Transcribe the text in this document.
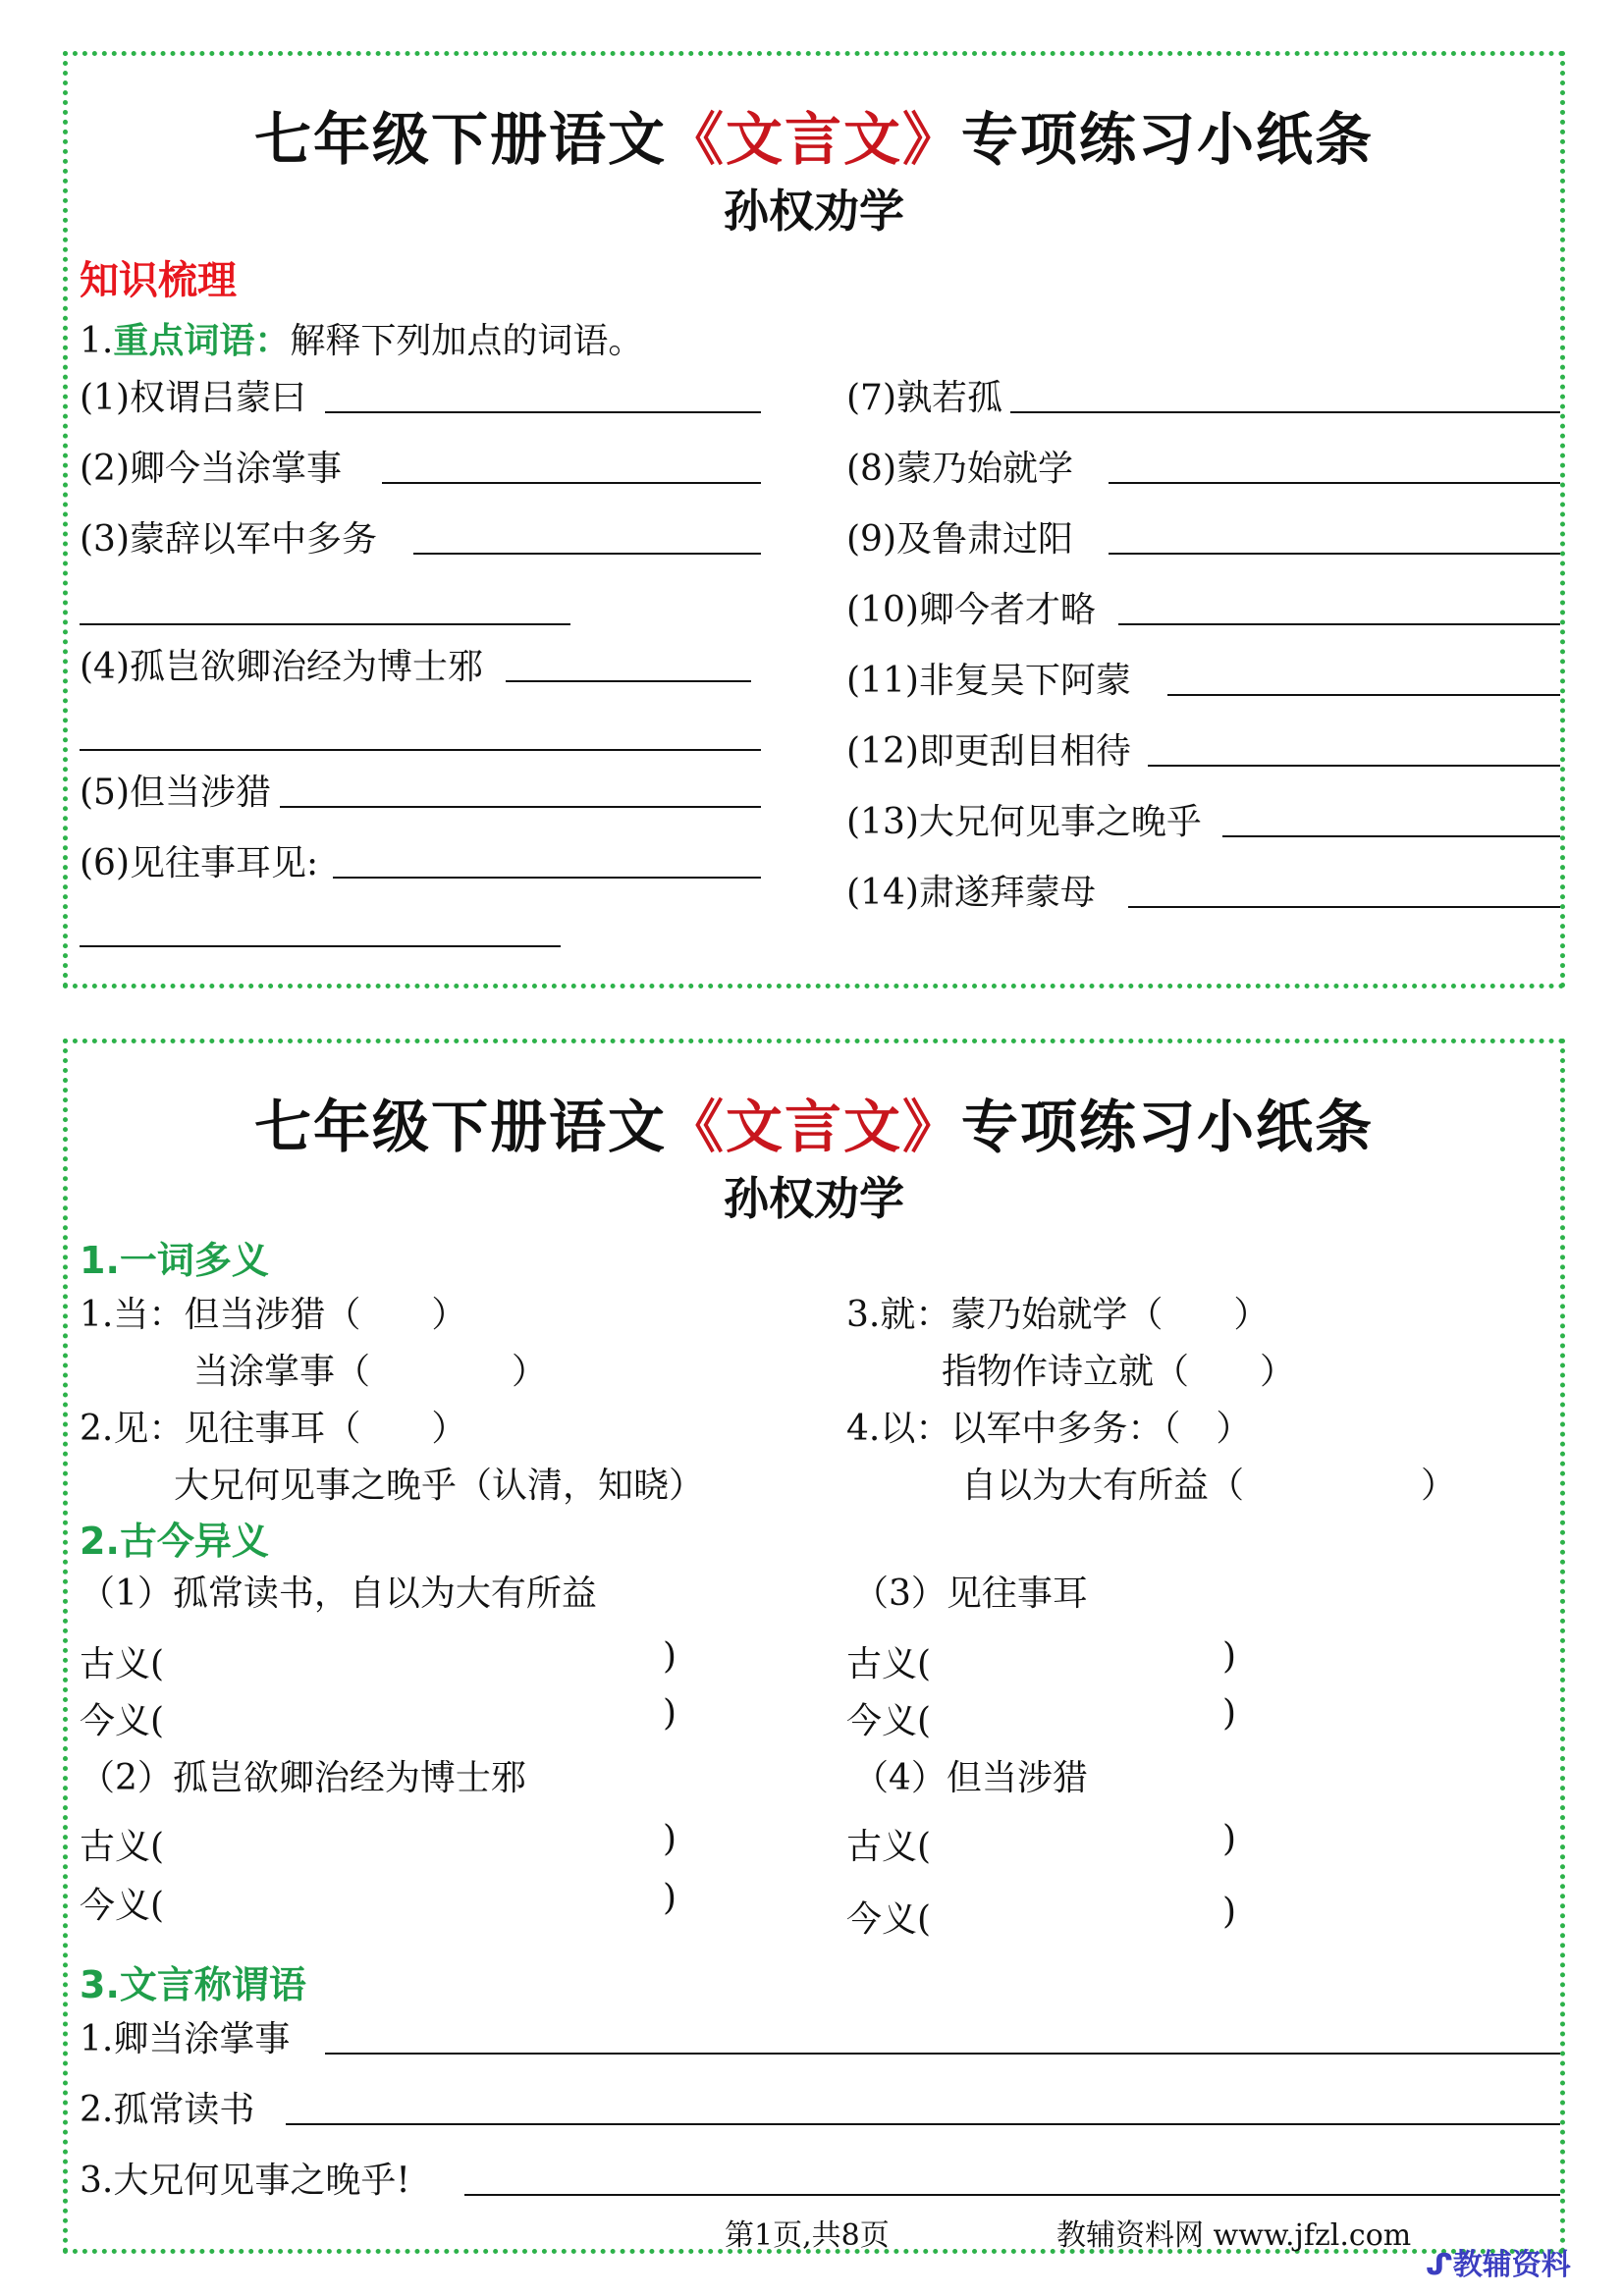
七年级下册语文《文言文》专项练习小纸条
孙权劝学
知识梳理
1.重点词语：解释下列加点的词语。
(1)权谓吕蒙曰
(2)卿今当涂掌事
(3)蒙辞以军中多务
(4)孤岂欲卿治经为博士邪
(5)但当涉猎
(6)见往事耳见:
(7)孰若孤
(8)蒙乃始就学
(9)及鲁肃过阳
(10)卿今者才略
(11)非复吴下阿蒙
(12)即更刮目相待
(13)大兄何见事之晚乎
(14)肃遂拜蒙母
七年级下册语文《文言文》专项练习小纸条
孙权劝学
1.一词多义
1.当：但当涉猎（　　）
当涂掌事（　　　　）
2.见：见往事耳（　　）
大兄何见事之晚乎（认清，知晓）
3.就：蒙乃始就学（　　）
指物作诗立就（　　）
4.以：以军中多务：（　）
自以为大有所益（　　　　　）
2.古今异义
（1）孤常读书，自以为大有所益	（3）见往事耳
古义(	)
今义(	)
古义(	)
今义(	)
（2）孤岂欲卿治经为博士邪	（4）但当涉猎
古义(	)
今义(	)
古义(	)
今义(	)
3.文言称谓语
1.卿当涂掌事
2.孤常读书
3.大兄何见事之晚乎!
第1页,共8页	教辅资料网 www.jfzl.com
ᔑ教辅资料
